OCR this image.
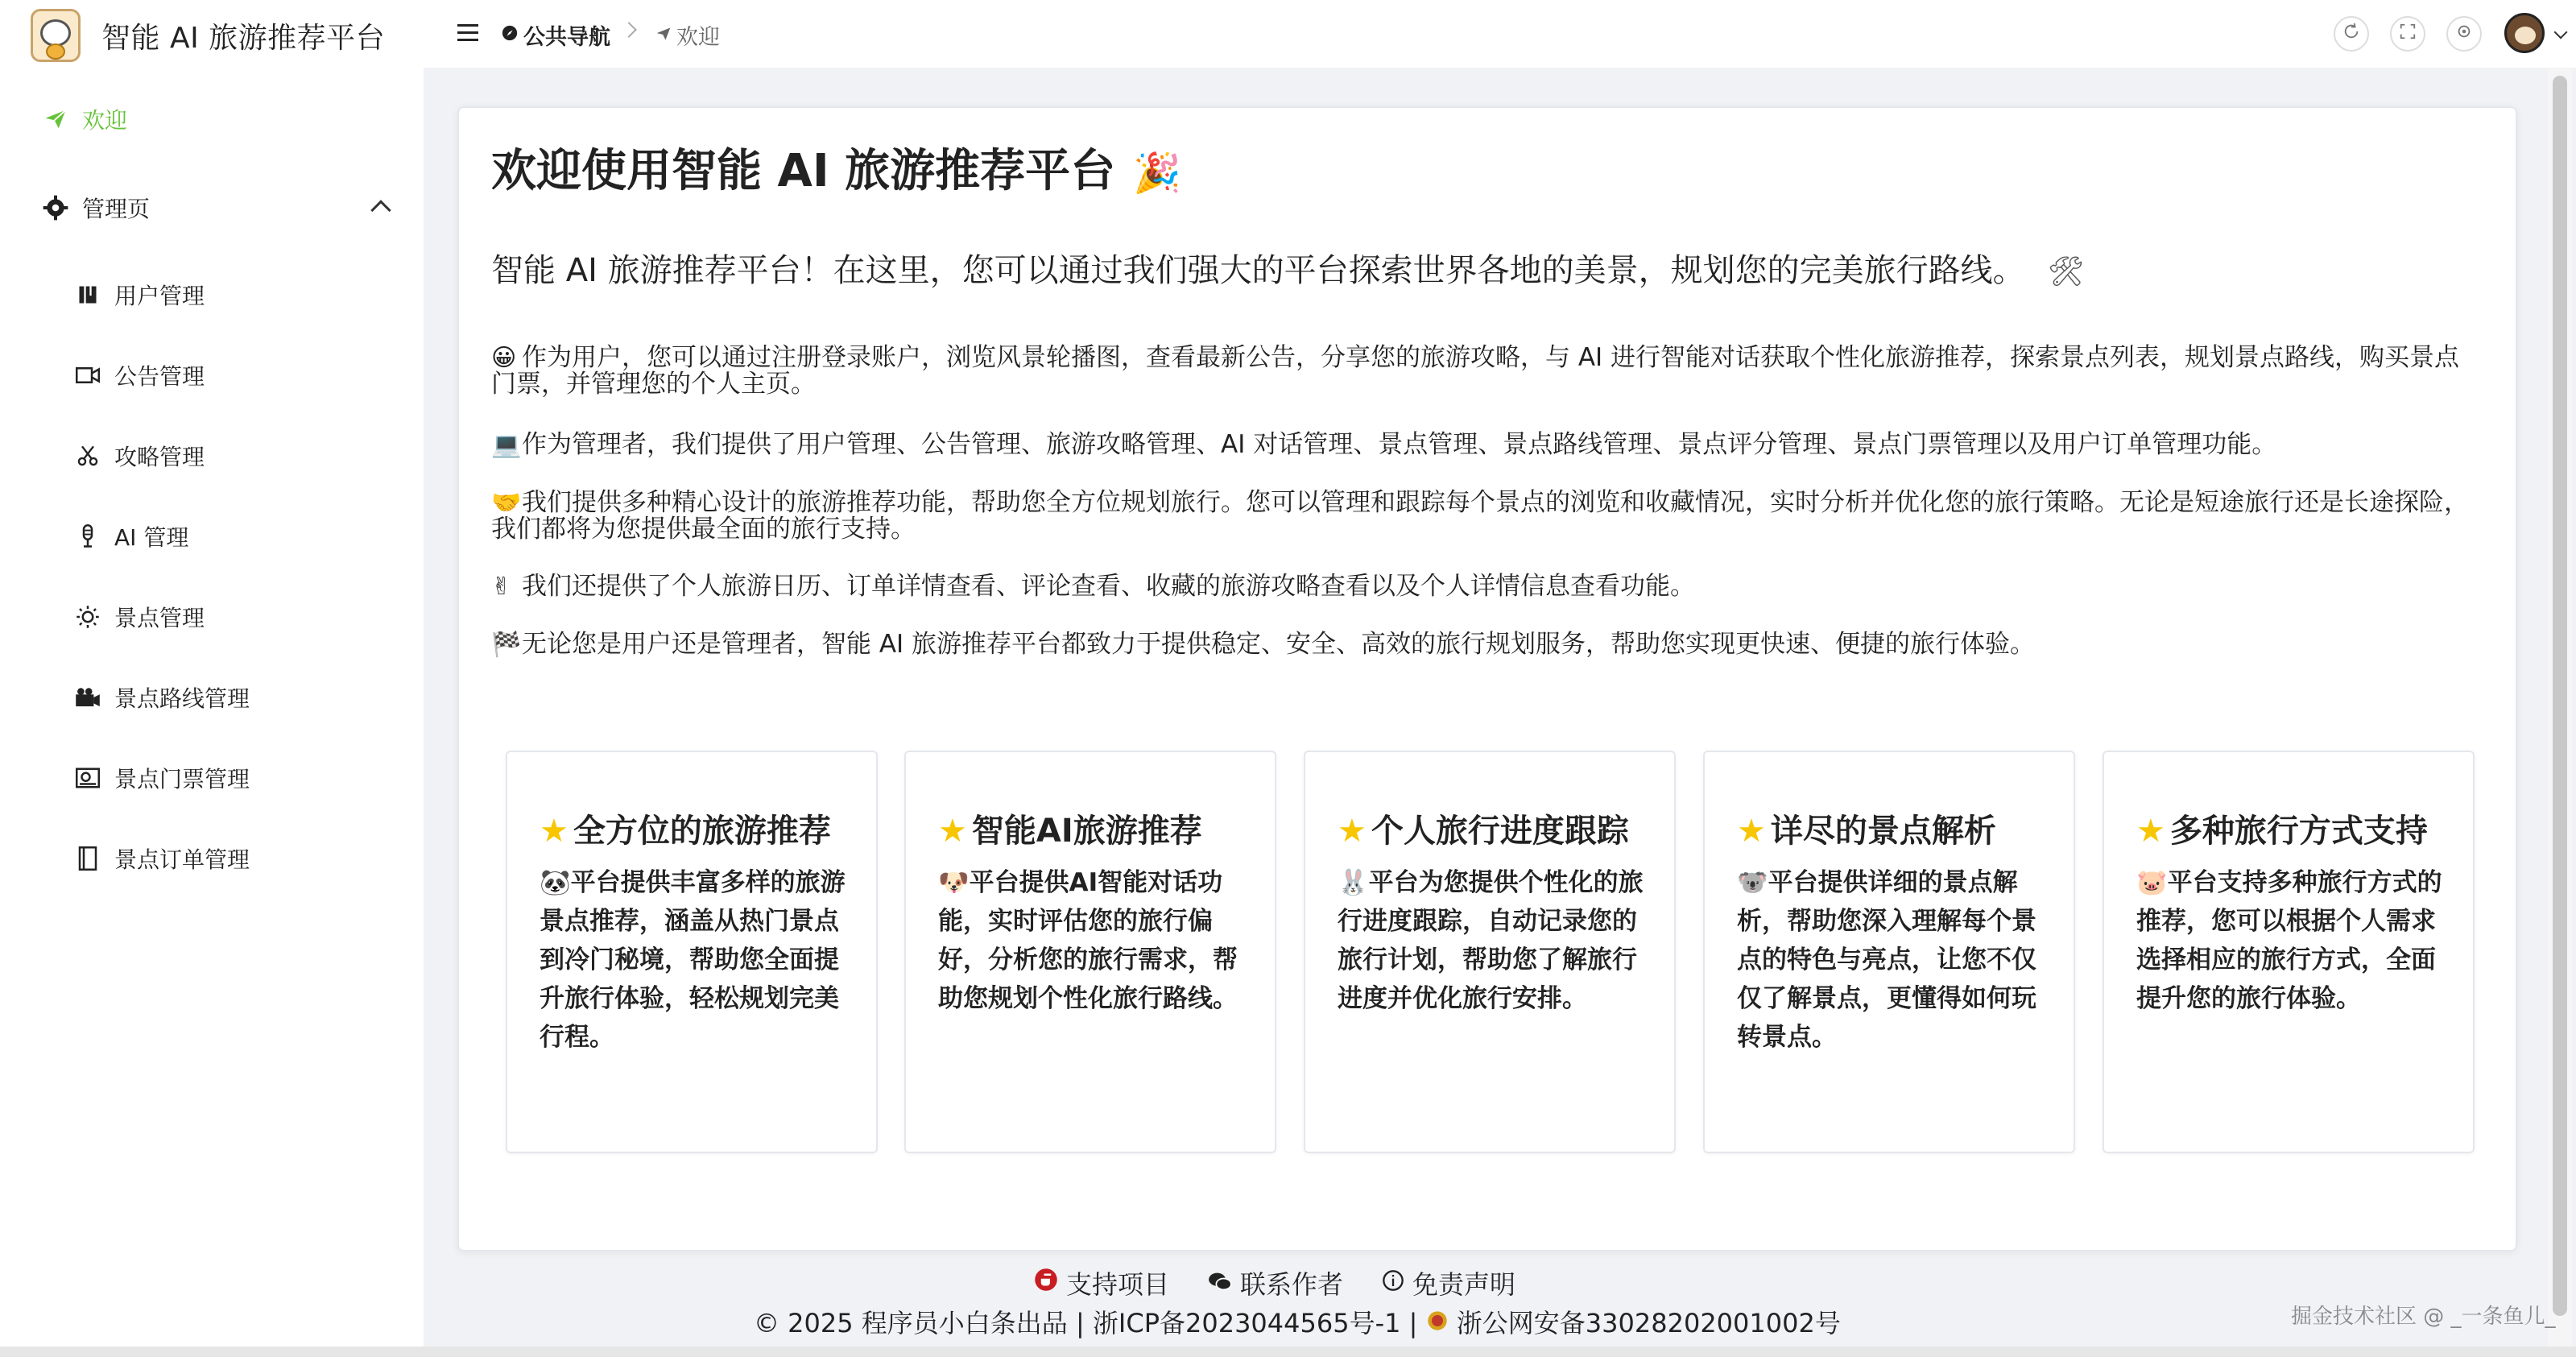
智能 AI 旅游推荐平台
欢迎
管理页
用户管理
公告管理
攻略管理
AI 管理
景点管理
景点路线管理
景点门票管理
景点订单管理
公共导航	欢迎
欢迎使用智能 AI 旅游推荐平台 🎉
智能 AI 旅游推荐平台！在这里，您可以通过我们强大的平台探索世界各地的美景，规划您的完美旅行路线。 🛠

😀 作为用户，您可以通过注册登录账户，浏览风景轮播图，查看最新公告，分享您的旅游攻略，与 AI 进行智能对话获取个性化旅游推荐，探索景点列表，规划景点路线，购买景点门票，并管理您的个人主页。

💻作为管理者，我们提供了用户管理、公告管理、旅游攻略管理、AI 对话管理、景点管理、景点路线管理、景点评分管理、景点门票管理以及用户订单管理功能。

🤝我们提供多种精心设计的旅游推荐功能，帮助您全方位规划旅行。您可以管理和跟踪每个景点的浏览和收藏情况，实时分析并优化您的旅行策略。无论是短途旅行还是长途探险，我们都将为您提供最全面的旅行支持。

✌ 我们还提供了个人旅游日历、订单详情查看、评论查看、收藏的旅游攻略查看以及个人详情信息查看功能。

🏁无论您是用户还是管理者，智能 AI 旅游推荐平台都致力于提供稳定、安全、高效的旅行规划服务，帮助您实现更快速、便捷的旅行体验。

★ 全方位的旅游推荐
🐼平台提供丰富多样的旅游景点推荐，涵盖从热门景点到冷门秘境，帮助您全面提升旅行体验，轻松规划完美行程。
★ 智能AI旅游推荐
🐶平台提供AI智能对话功能，实时评估您的旅行偏好，分析您的旅行需求，帮助您规划个性化旅行路线。
★ 个人旅行进度跟踪
🐰平台为您提供个性化的旅行进度跟踪，自动记录您的旅行计划，帮助您了解旅行进度并优化旅行安排。
★ 详尽的景点解析
🐨平台提供详细的景点解析，帮助您深入理解每个景点的特色与亮点，让您不仅仅了解景点，更懂得如何玩转景点。
★ 多种旅行方式支持
🐷平台支持多种旅行方式的推荐，您可以根据个人需求选择相应的旅行方式，全面提升您的旅行体验。
支持项目	联系作者	免责声明
© 2025 程序员小白条出品 | 浙ICP备2023044565号-1 |  浙公网安备33028202001002号	掘金技术社区 @ _一条鱼儿_
